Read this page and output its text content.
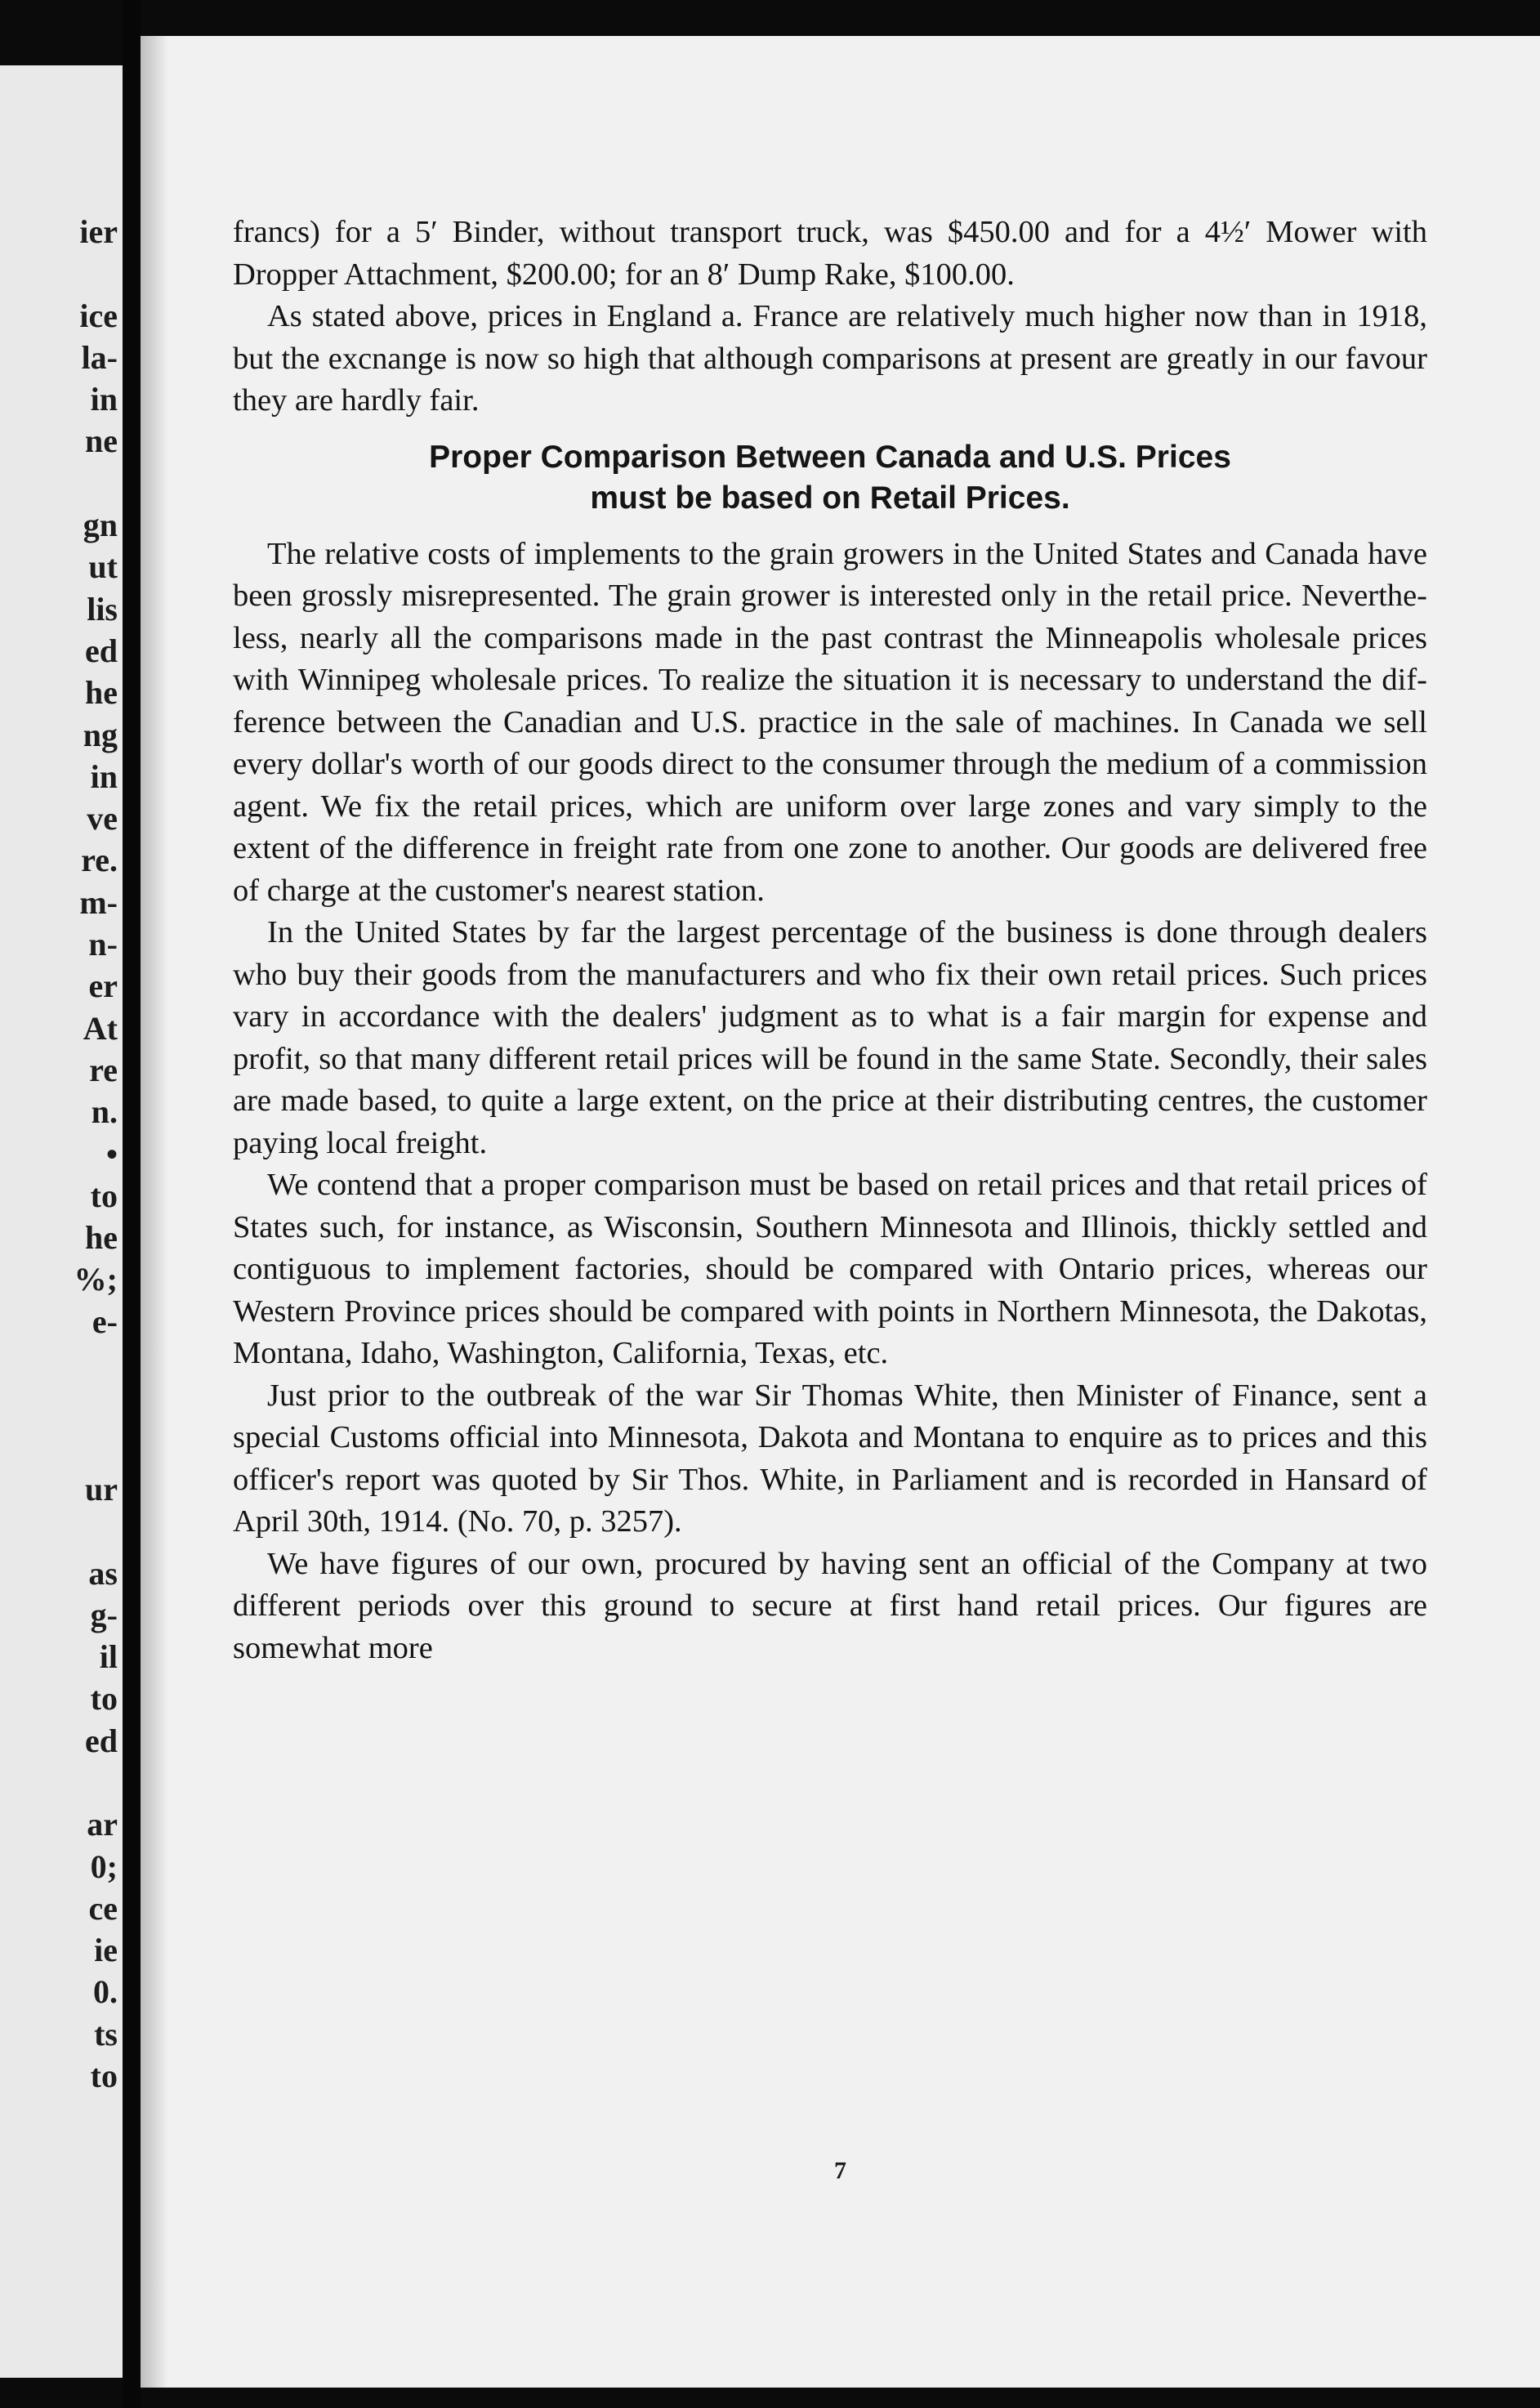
ier
ice
la-
in
ne
gn
ut
lis
ed
he
ng
in
ve
re.
m-
n-
er
At
re
n.
•
to
he
%;
e-
ur
as
g-
il
to
ed
ar
0;
ce
ie
0.
ts
to

francs) for a 5′ Binder, without transport truck, was $450.00 and for a 4½′ Mower with Dropper Attachment, $200.00; for an 8′ Dump Rake, $100.00.

As stated above, prices in England a. France are relatively much higher now than in 1918, but the excnange is now so high that although comparisons at present are greatly in our favour they are hardly fair.

Proper Comparison Between Canada and U.S. Prices
must be based on Retail Prices.

The relative costs of implements to the grain growers in the United States and Canada have been grossly misrepresented. The grain grower is interested only in the retail price. Nevertheless, nearly all the comparisons made in the past contrast the Minneapolis wholesale prices with Winnipeg wholesale prices. To realize the situation it is necessary to understand the difference between the Canadian and U.S. practice in the sale of machines. In Canada we sell every dollar's worth of our goods direct to the consumer through the medium of a commission agent. We fix the retail prices, which are uniform over large zones and vary simply to the extent of the difference in freight rate from one zone to another. Our goods are delivered free of charge at the customer's nearest station.

In the United States by far the largest percentage of the business is done through dealers who buy their goods from the manufacturers and who fix their own retail prices. Such prices vary in accordance with the dealers' judgment as to what is a fair margin for expense and profit, so that many different retail prices will be found in the same State. Secondly, their sales are made based, to quite a large extent, on the price at their distributing centres, the customer paying local freight.

We contend that a proper comparison must be based on retail prices and that retail prices of States such, for instance, as Wisconsin, Southern Minnesota and Illinois, thickly settled and contiguous to implement factories, should be compared with Ontario prices, whereas our Western Province prices should be compared with points in Northern Minnesota, the Dakotas, Montana, Idaho, Washington, California, Texas, etc.

Just prior to the outbreak of the war Sir Thomas White, then Minister of Finance, sent a special Customs official into Minnesota, Dakota and Montana to enquire as to prices and this officer's report was quoted by Sir Thos. White, in Parliament and is recorded in Hansard of April 30th, 1914. (No. 70, p. 3257).

We have figures of our own, procured by having sent an official of the Company at two different periods over this ground to secure at first hand retail prices. Our figures are somewhat more

7
